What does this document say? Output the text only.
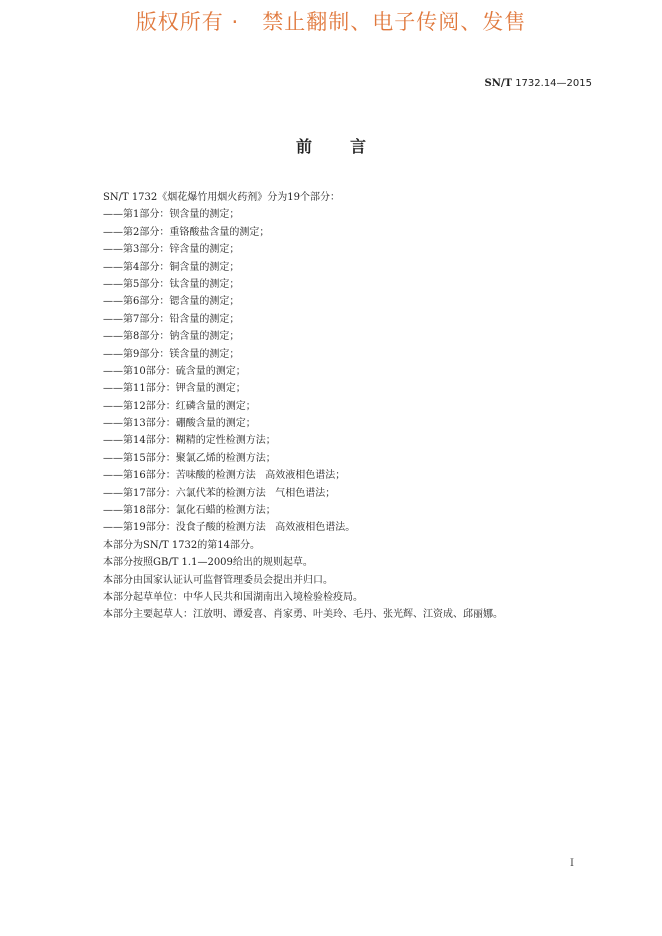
版权所有 ·   禁止翻制、电子传阅、发售
SN/T 1732.14—2015
前言
SN/T 1732《烟花爆竹用烟火药剂》分为19个部分：
——第1部分：钡含量的测定；
——第2部分：重铬酸盐含量的测定；
——第3部分：锌含量的测定；
——第4部分：铜含量的测定；
——第5部分：钛含量的测定；
——第6部分：锶含量的测定；
——第7部分：铅含量的测定；
——第8部分：钠含量的测定；
——第9部分：镁含量的测定；
——第10部分：硫含量的测定；
——第11部分：钾含量的测定；
——第12部分：红磷含量的测定；
——第13部分：硼酸含量的测定；
——第14部分：糊精的定性检测方法；
——第15部分：聚氯乙烯的检测方法；
——第16部分：苦味酸的检测方法   高效液相色谱法；
——第17部分：六氯代苯的检测方法   气相色谱法；
——第18部分：氯化石蜡的检测方法；
——第19部分：没食子酸的检测方法   高效液相色谱法。
本部分为SN/T 1732的第14部分。
本部分按照GB/T 1.1—2009给出的规则起草。
本部分由国家认证认可监督管理委员会提出并归口。
本部分起草单位：中华人民共和国湖南出入境检验检疫局。
本部分主要起草人：江放明、谭爱喜、肖家勇、叶美玲、毛丹、张光辉、江资成、邱丽娜。
I
